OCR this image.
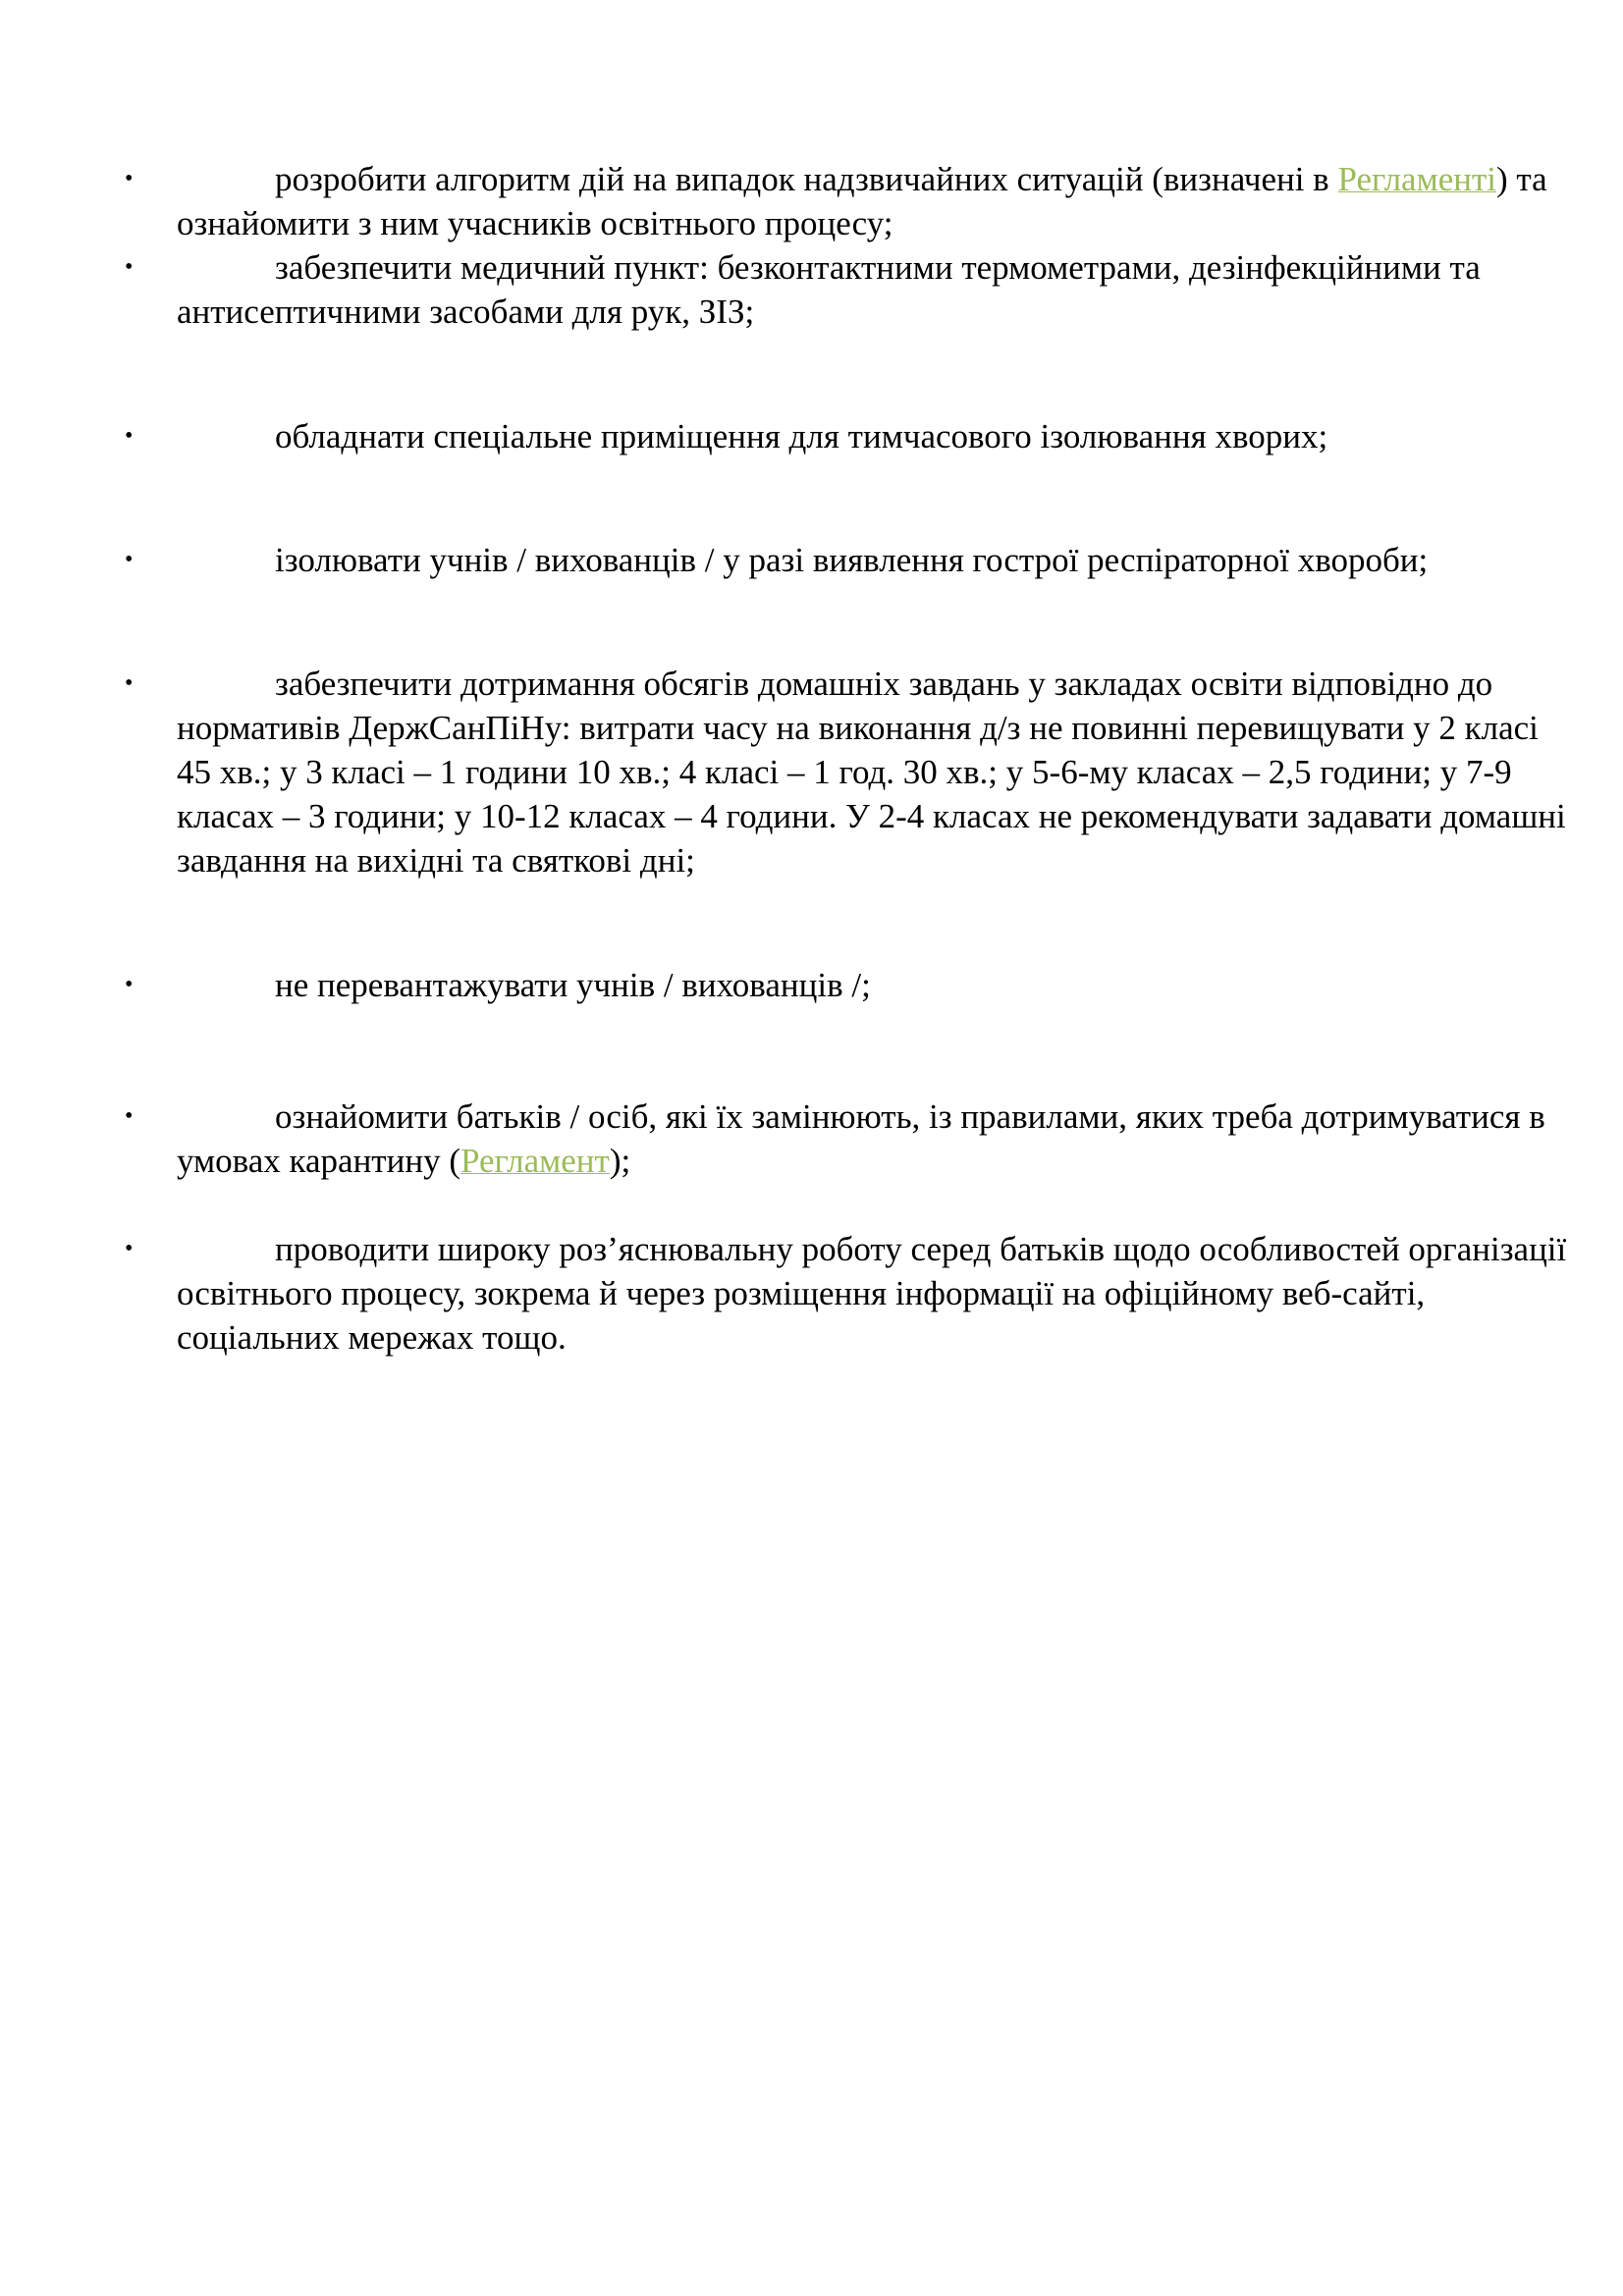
•	розробити алгоритм дій на випадок надзвичайних ситуацій (визначені в Регламенті) та ознайомити з ним учасників освітнього процесу;
•	забезпечити медичний пункт: безконтактними термометрами, дезінфекційними та антисептичними засобами для рук, ЗІЗ;
•	обладнати спеціальне приміщення для тимчасового ізолювання хворих;
•	ізолювати учнів / вихованців / у разі виявлення гострої респіраторної хвороби;
•	забезпечити дотримання обсягів домашніх завдань у закладах освіти відповідно до нормативів ДержСанПіНу: витрати часу на виконання д/з не повинні перевищувати у 2 класі 45 хв.; у 3 класі – 1 години 10 хв.; 4 класі – 1 год. 30 хв.; у 5-6-му класах – 2,5 години; у 7-9 класах – 3 години; у 10-12 класах – 4 години. У 2-4 класах не рекомендувати задавати домашні завдання на вихідні та святкові дні;
•	не перевантажувати учнів / вихованців /;
•	ознайомити батьків / осіб, які їх замінюють, із правилами, яких треба дотримуватися в умовах карантину (Регламент);
•	проводити широку роз’яснювальну роботу серед батьків щодо особливостей організації освітнього процесу, зокрема й через розміщення інформації на офіційному веб-сайті, соціальних мережах тощо.
